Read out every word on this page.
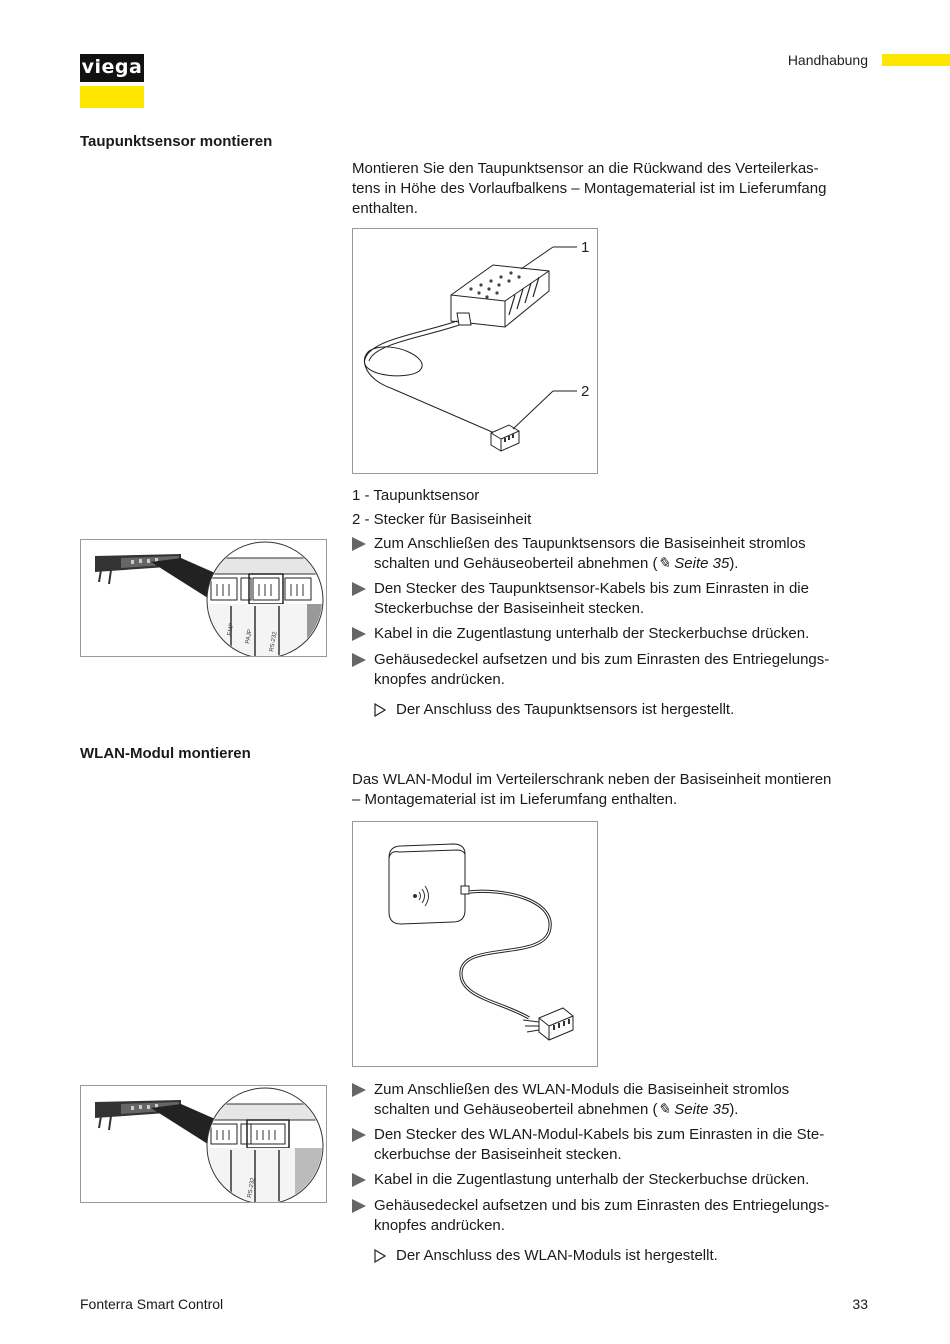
viega	Handhabung
Taupunktsensor montieren
Montieren Sie den Taupunktsensor an die Rückwand des Verteilerkas-
tens in Höhe des Vorlaufbalkens – Montagematerial ist im Lieferumfang
enthalten.
1
2
1 - Taupunktsensor
2 - Stecker für Basiseinheit
EMP PAJP	RS-232
Zum Anschließen des Taupunktsensors die Basiseinheit stromlos
schalten und Gehäuseoberteil abnehmen (✎ Seite 35).
Den Stecker des Taupunktsensor-Kabels bis zum Einrasten in die
Steckerbuchse der Basiseinheit stecken.
Kabel in die Zugentlastung unterhalb der Steckerbuchse drücken.
Gehäusedeckel aufsetzen und bis zum Einrasten des Entriegelungs-
knopfes andrücken.
Der Anschluss des Taupunktsensors ist hergestellt.
WLAN-Modul montieren
Das WLAN-Modul im Verteilerschrank neben der Basiseinheit montieren
– Montagematerial ist im Lieferumfang enthalten.
RS-232
Zum Anschließen des WLAN-Moduls die Basiseinheit stromlos
schalten und Gehäuseoberteil abnehmen (✎ Seite 35).
Den Stecker des WLAN-Modul-Kabels bis zum Einrasten in die Ste-
ckerbuchse der Basiseinheit stecken.
Kabel in die Zugentlastung unterhalb der Steckerbuchse drücken.
Gehäusedeckel aufsetzen und bis zum Einrasten des Entriegelungs-
knopfes andrücken.
Der Anschluss des WLAN-Moduls ist hergestellt.
Fonterra Smart Control	33
